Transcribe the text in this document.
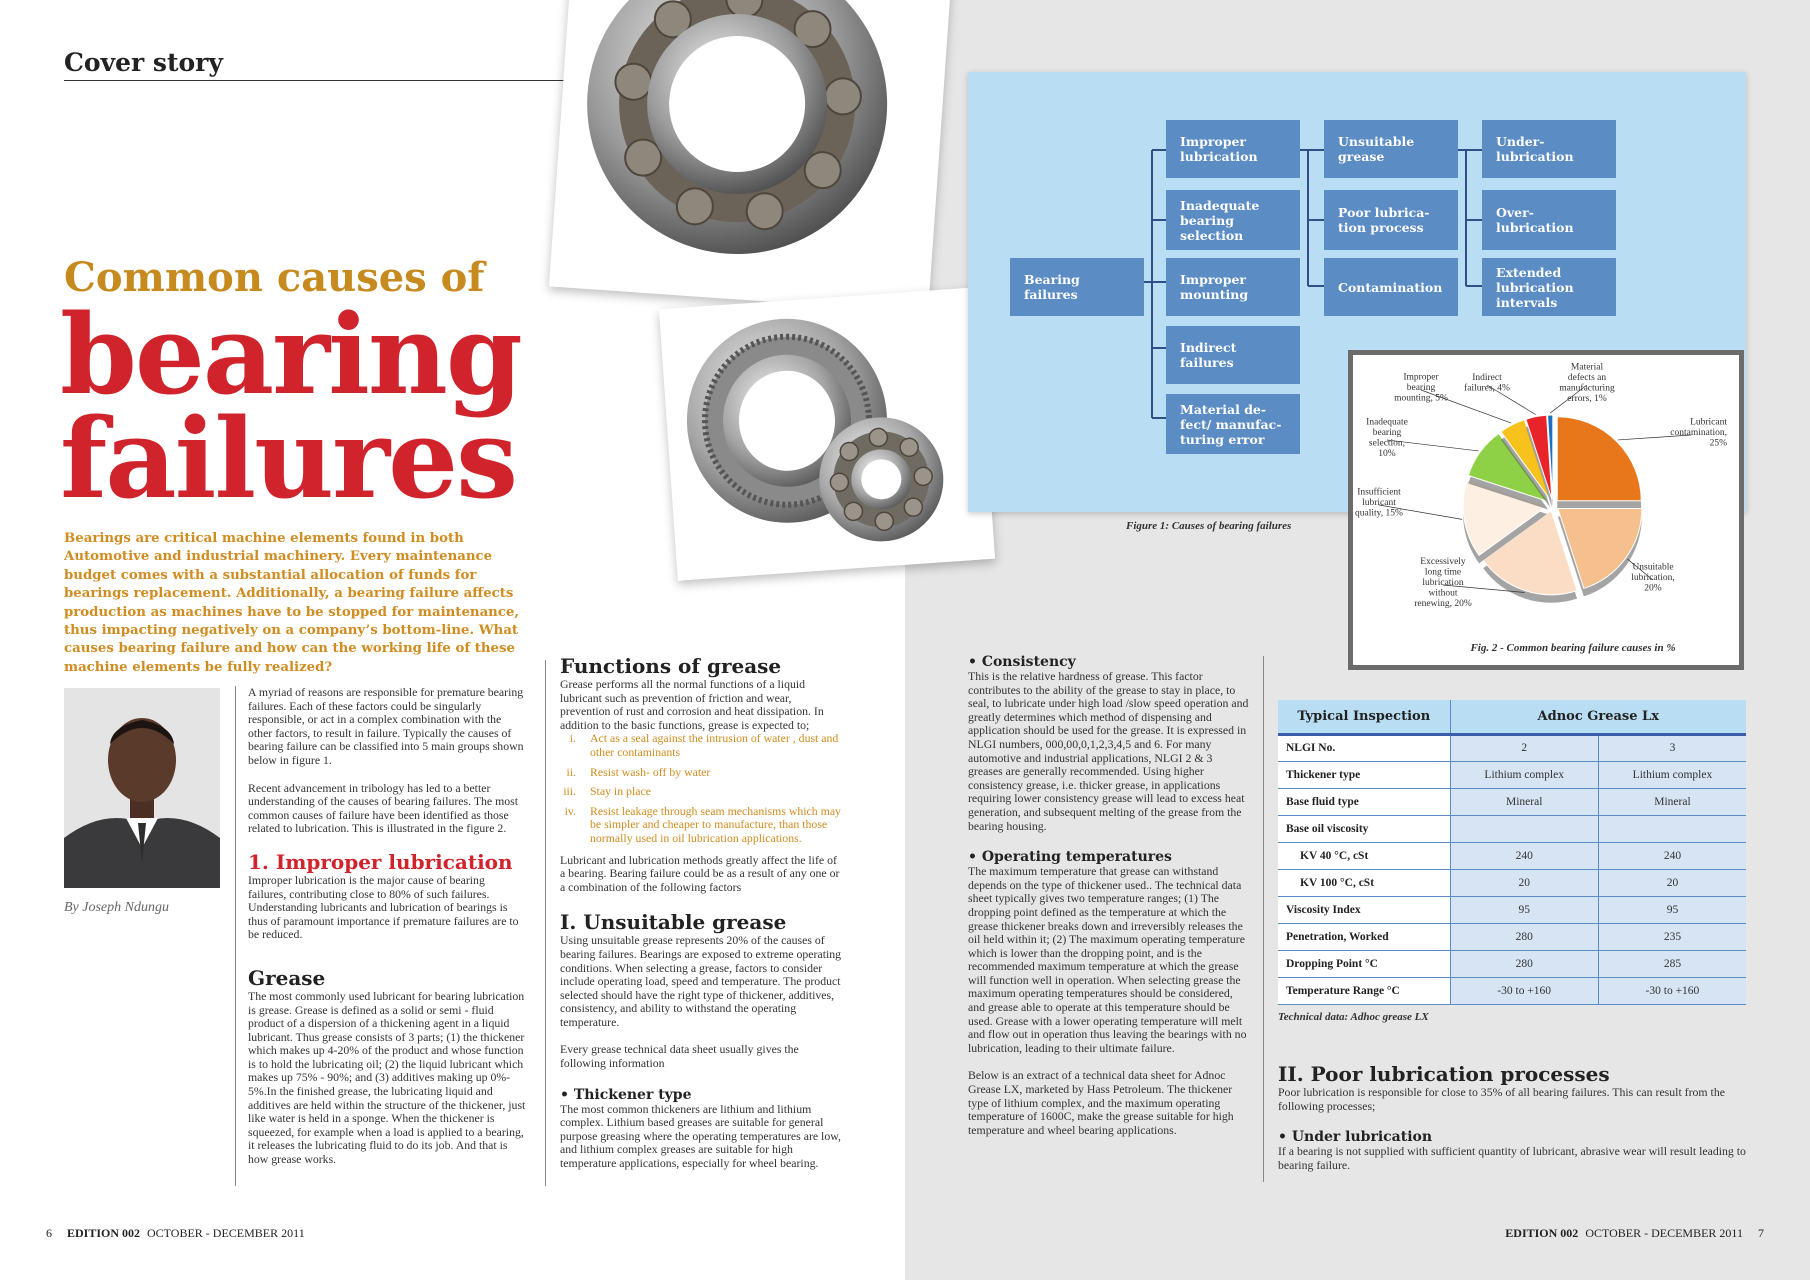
Cover story
Common causes of
bearing
failures
Bearings are critical machine elements found in both Automotive and industrial machinery. Every maintenance budget comes with a substantial allocation of funds for bearings replacement. Additionally, a bearing failure affects production as machines have to be stopped for maintenance, thus impacting negatively on a company’s bottom-line. What causes bearing failure and how can the working life of these machine elements be fully realized?
By Joseph Ndungu

A myriad of reasons are responsible for premature bearing failures. Each of these factors could be singularly responsible, or act in a complex combination with the other factors, to result in failure. Typically the causes of bearing failure can be classified into 5 main groups shown below in figure 1.

Recent advancement in tribology has led to a better understanding of the causes of bearing failures. The most common causes of failure have been identified as those related to lubrication. This is illustrated in the figure 2.

1. Improper lubrication

Improper lubrication is the major cause of bearing failures, contributing close to 80% of such failures. Understanding lubricants and lubrication of bearings is thus of paramount importance if premature failures are to be reduced.

Grease

The most commonly used lubricant for bearing lubrication is grease. Grease is defined as a solid or semi - fluid product of a dispersion of a thickening agent in a liquid lubricant. Thus grease consists of 3 parts; (1) the thickener which makes up 4-20% of the product and whose function is to hold the lubricating oil; (2) the liquid lubricant which makes up 75% - 90%; and (3) additives making up 0%- 5%.In the finished grease, the lubricating liquid and additives are held within the structure of the thickener, just like water is held in a sponge. When the thickener is squeezed, for example when a load is applied to a bearing, it releases the lubricating fluid to do its job. And that is how grease works.

Functions of grease

Grease performs all the normal functions of a liquid lubricant such as prevention of friction and wear, prevention of rust and corrosion and heat dissipation. In addition to the basic functions, grease is expected to;

i.	Act as a seal against the intrusion of water , dust and other contaminants
ii.	Resist wash- off by water
iii.	Stay in place
iv.	Resist leakage through seam mechanisms which may be simpler and cheaper to manufacture, than those normally used in oil lubrication applications.

Lubricant and lubrication methods greatly affect the life of a bearing. Bearing failure could be as a result of any one or a combination of the following factors

I. Unsuitable grease

Using unsuitable grease represents 20% of the causes of bearing failures. Bearings are exposed to extreme operating conditions. When selecting a grease, factors to consider include operating load, speed and temperature. The product selected should have the right type of thickener, additives, consistency, and ability to withstand the operating temperature.

Every grease technical data sheet usually gives the following information

• Thickener type

The most common thickeners are lithium and lithium complex. Lithium based greases are suitable for general purpose greasing where the operating temperatures are low, and lithium complex greases are suitable for high temperature applications, especially for wheel bearing.

Bearing failures
Improper lubrication
Inadequate bearing selection
Improper mounting
Indirect failures
Material de- fect/ manufac- turing error
Unsuitable grease
Poor lubrica- tion process
Contamination
Under- lubrication
Over- lubrication
Extended lubrication intervals
Figure 1: Causes of bearing failures
Lubricant contamination, 25%
Unsuitable lubrication, 20%
Excessively long time lubrication without renewing, 20%
Insufficient lubricant quality, 15%
Inadequate bearing selection, 10%
Improper bearing mounting, 5%
Indirect failures, 4%
Material defects an manufacturing errors, 1%
Fig. 2 - Common bearing failure causes in %
• Consistency

This is the relative hardness of grease. This factor contributes to the ability of the grease to stay in place, to seal, to lubricate under high load /slow speed operation and greatly determines which method of dispensing and application should be used for the grease. It is expressed in NLGI numbers, 000,00,0,1,2,3,4,5 and 6. For many automotive and industrial applications, NLGI 2 & 3 greases are generally recommended. Using higher consistency grease, i.e. thicker grease, in applications requiring lower consistency grease will lead to excess heat generation, and subsequent melting of the grease from the bearing housing.

• Operating temperatures

The maximum temperature that grease can withstand depends on the type of thickener used.. The technical data sheet typically gives two temperature ranges; (1) The dropping point defined as the temperature at which the grease thickener breaks down and irreversibly releases the oil held within it; (2) The maximum operating temperature which is lower than the dropping point, and is the recommended maximum temperature at which the grease will function well in operation. When selecting grease the maximum operating temperatures should be considered, and grease able to operate at this temperature should be used. Grease with a lower operating temperature will melt and flow out in operation thus leaving the bearings with no lubrication, leading to their ultimate failure.

Below is an extract of a technical data sheet for Adnoc Grease LX, marketed by Hass Petroleum. The thickener type of lithium complex, and the maximum operating temperature of 1600C, make the grease suitable for high temperature and wheel bearing applications.

Typical Inspection	Adnoc Grease Lx	
NLGI No.	2	3
Thickener type	Lithium complex	Lithium complex
Base fluid type	Mineral	Mineral
Base oil viscosity		
KV 40 °C, cSt	240	240
KV 100 °C, cSt	20	20
Viscosity Index	95	95
Penetration, Worked	280	235
Dropping Point °C	280	285
Temperature Range °C	-30 to +160	-30 to +160
Technical data: Adhoc grease LX
II. Poor lubrication processes

Poor lubrication is responsible for close to 35% of all bearing failures. This can result from the following processes;

• Under lubrication

If a bearing is not supplied with sufficient quantity of lubricant, abrasive wear will result leading to bearing failure.

6 EDITION 002 OCTOBER - DECEMBER 2011	EDITION 002 OCTOBER - DECEMBER 2011 7
